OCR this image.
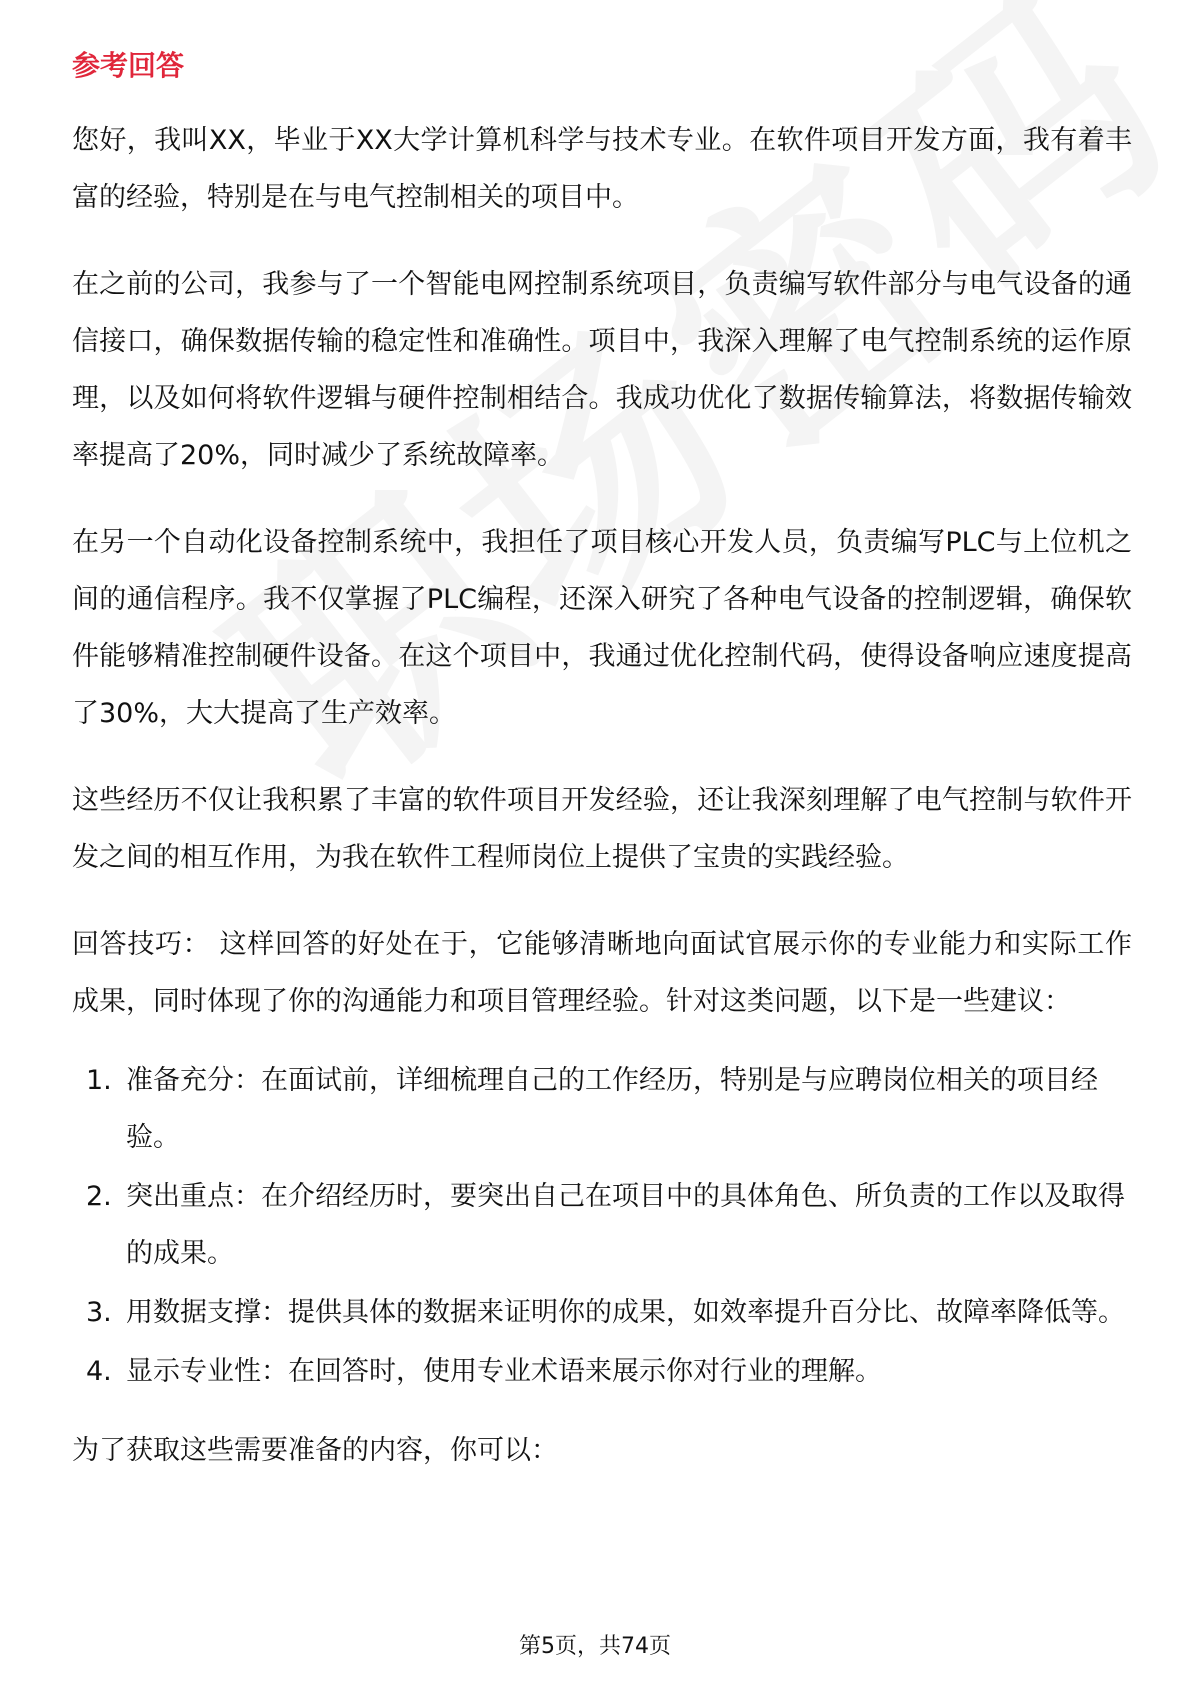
参考回答

您好，我叫XX，毕业于XX大学计算机科学与技术专业。在软件项目开发方面，我有着丰富的经验，特别是在与电气控制相关的项目中。

在之前的公司，我参与了一个智能电网控制系统项目，负责编写软件部分与电气设备的通信接口，确保数据传输的稳定性和准确性。项目中，我深入理解了电气控制系统的运作原理，以及如何将软件逻辑与硬件控制相结合。我成功优化了数据传输算法，将数据传输效率提高了20%，同时减少了系统故障率。

在另一个自动化设备控制系统中，我担任了项目核心开发人员，负责编写PLC与上位机之间的通信程序。我不仅掌握了PLC编程，还深入研究了各种电气设备的控制逻辑，确保软件能够精准控制硬件设备。在这个项目中，我通过优化控制代码，使得设备响应速度提高了30%，大大提高了生产效率。

这些经历不仅让我积累了丰富的软件项目开发经验，还让我深刻理解了电气控制与软件开发之间的相互作用，为我在软件工程师岗位上提供了宝贵的实践经验。

回答技巧： 这样回答的好处在于，它能够清晰地向面试官展示你的专业能力和实际工作成果，同时体现了你的沟通能力和项目管理经验。针对这类问题，以下是一些建议：

1. 准备充分：在面试前，详细梳理自己的工作经历，特别是与应聘岗位相关的项目经验。
2. 突出重点：在介绍经历时，要突出自己在项目中的具体角色、所负责的工作以及取得的成果。
3. 用数据支撑：提供具体的数据来证明你的成果，如效率提升百分比、故障率降低等。
4. 显示专业性：在回答时，使用专业术语来展示你对行业的理解。

为了获取这些需要准备的内容，你可以：

第5页，共74页
